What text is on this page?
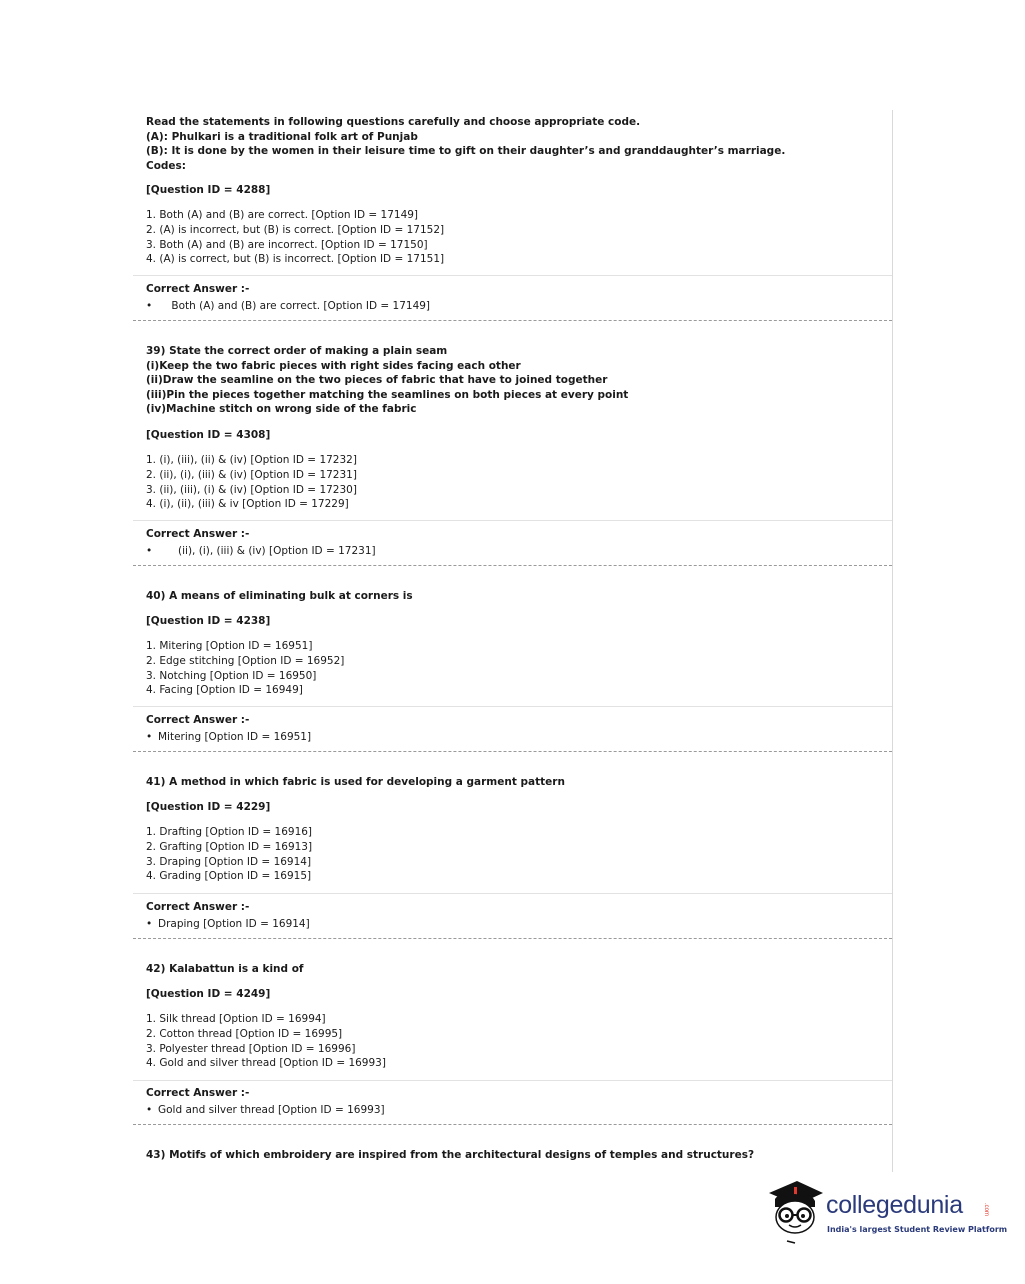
Read the statements in following questions carefully and choose appropriate code.
(A): Phulkari is a traditional folk art of Punjab
(B): It is done by the women in their leisure time to gift on their daughter’s and granddaughter’s marriage.
Codes:
[Question ID = 4288]
1. Both (A) and (B) are correct. [Option ID = 17149]
2. (A) is incorrect, but (B) is correct. [Option ID = 17152]
3. Both (A) and (B) are incorrect. [Option ID = 17150]
4. (A) is correct, but (B) is incorrect. [Option ID = 17151]
Correct Answer :-
• Both (A) and (B) are correct. [Option ID = 17149]
39) State the correct order of making a plain seam
(i)Keep the two fabric pieces with right sides facing each other
(ii)Draw the seamline on the two pieces of fabric that have to joined together
(iii)Pin the pieces together matching the seamlines on both pieces at every point
(iv)Machine stitch on wrong side of the fabric
[Question ID = 4308]
1. (i), (iii), (ii) & (iv) [Option ID = 17232]
2. (ii), (i), (iii) & (iv) [Option ID = 17231]
3. (ii), (iii), (i) & (iv) [Option ID = 17230]
4. (i), (ii), (iii) & iv [Option ID = 17229]
Correct Answer :-
• (ii), (i), (iii) & (iv) [Option ID = 17231]
40) A means of eliminating bulk at corners is
[Question ID = 4238]
1. Mitering [Option ID = 16951]
2. Edge stitching [Option ID = 16952]
3. Notching [Option ID = 16950]
4. Facing [Option ID = 16949]
Correct Answer :-
• Mitering [Option ID = 16951]
41) A method in which fabric is used for developing a garment pattern
[Question ID = 4229]
1. Drafting [Option ID = 16916]
2. Grafting [Option ID = 16913]
3. Draping [Option ID = 16914]
4. Grading [Option ID = 16915]
Correct Answer :-
• Draping [Option ID = 16914]
42) Kalabattun is a kind of
[Question ID = 4249]
1. Silk thread [Option ID = 16994]
2. Cotton thread [Option ID = 16995]
3. Polyester thread [Option ID = 16996]
4. Gold and silver thread [Option ID = 16993]
Correct Answer :-
• Gold and silver thread [Option ID = 16993]
43) Motifs of which embroidery are inspired from the architectural designs of temples and structures?
collegedunia	.com
India's largest Student Review Platform
